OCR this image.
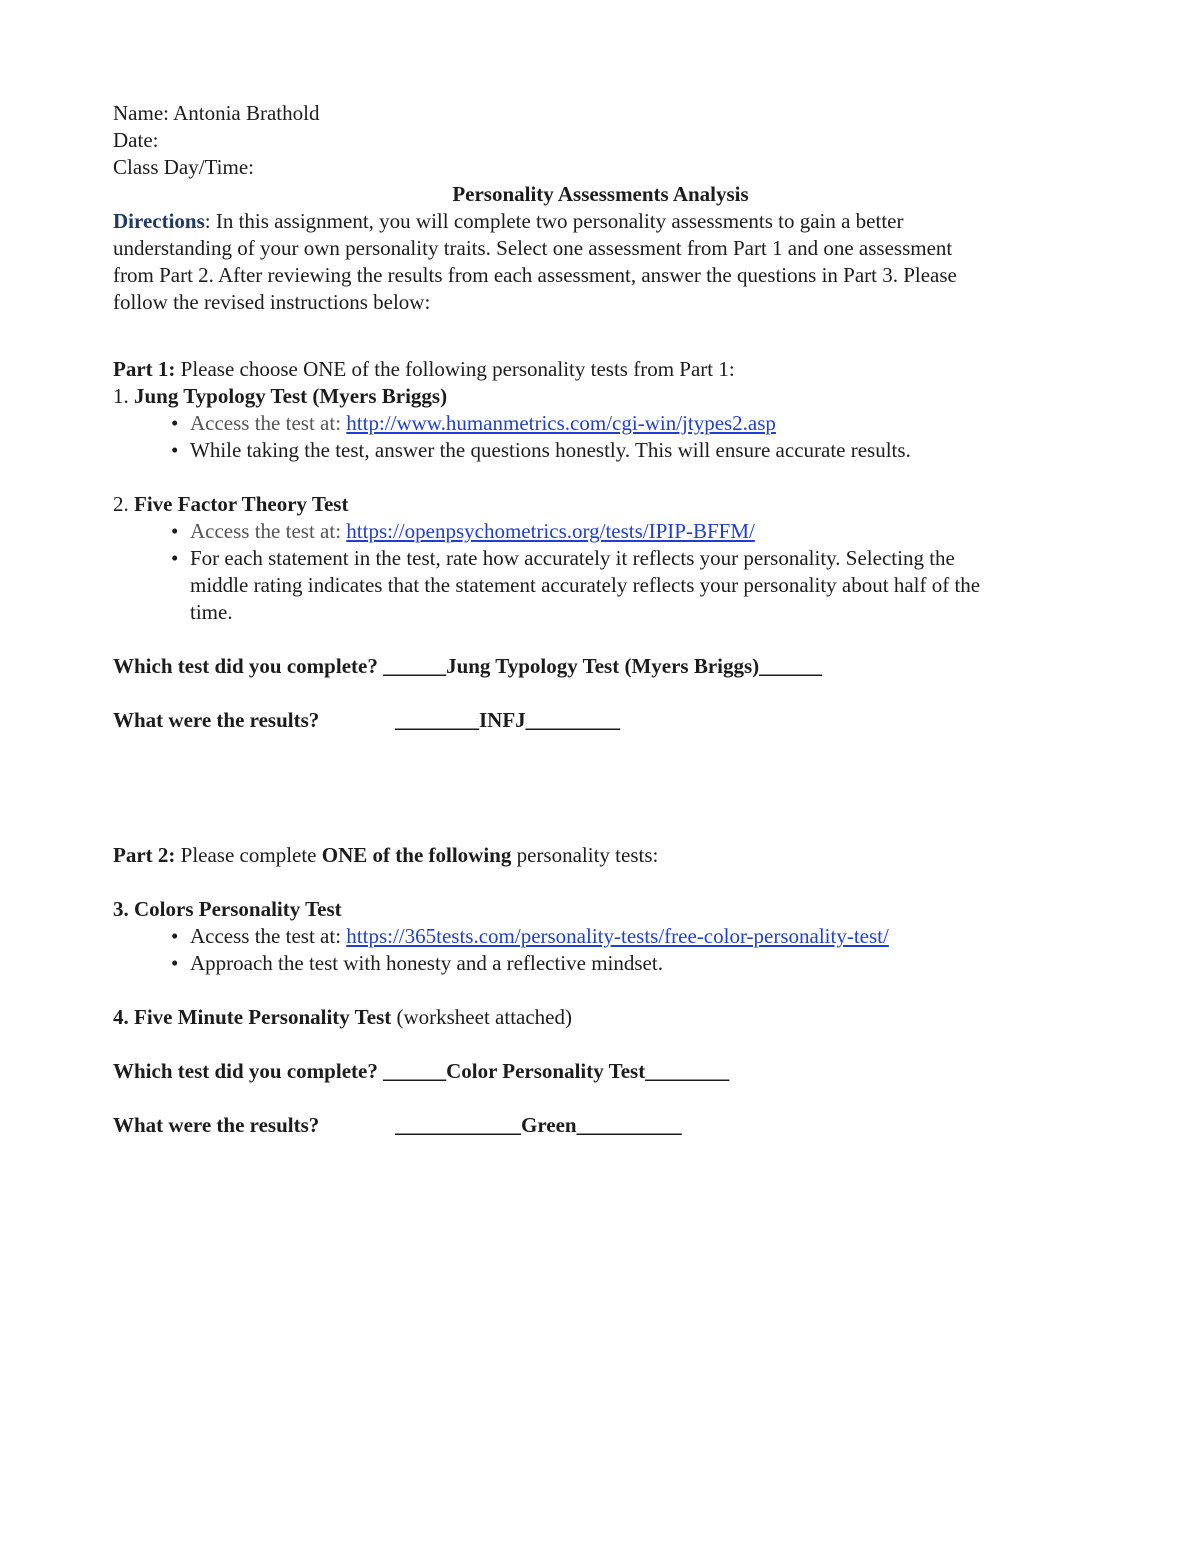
Name: Antonia Brathold
Date:
Class Day/Time:
Personality Assessments Analysis
Directions: In this assignment, you will complete two personality assessments to gain a better
understanding of your own personality traits. Select one assessment from Part 1 and one assessment
from Part 2. After reviewing the results from each assessment, answer the questions in Part 3. Please
follow the revised instructions below:
Part 1: Please choose ONE of the following personality tests from Part 1:
1. Jung Typology Test (Myers Briggs)
• Access the test at: http://www.humanmetrics.com/cgi-win/jtypes2.asp
• While taking the test, answer the questions honestly. This will ensure accurate results.
2. Five Factor Theory Test
• Access the test at: https://openpsychometrics.org/tests/IPIP-BFFM/
• For each statement in the test, rate how accurately it reflects your personality. Selecting the
middle rating indicates that the statement accurately reflects your personality about half of the
time.
Which test did you complete? ______Jung Typology Test (Myers Briggs)______
What were the results?	________INFJ_________
Part 2: Please complete ONE of the following personality tests:
3. Colors Personality Test
• Access the test at: https://365tests.com/personality-tests/free-color-personality-test/
• Approach the test with honesty and a reflective mindset.
4. Five Minute Personality Test (worksheet attached)
Which test did you complete? ______Color Personality Test________
What were the results?	____________Green__________
